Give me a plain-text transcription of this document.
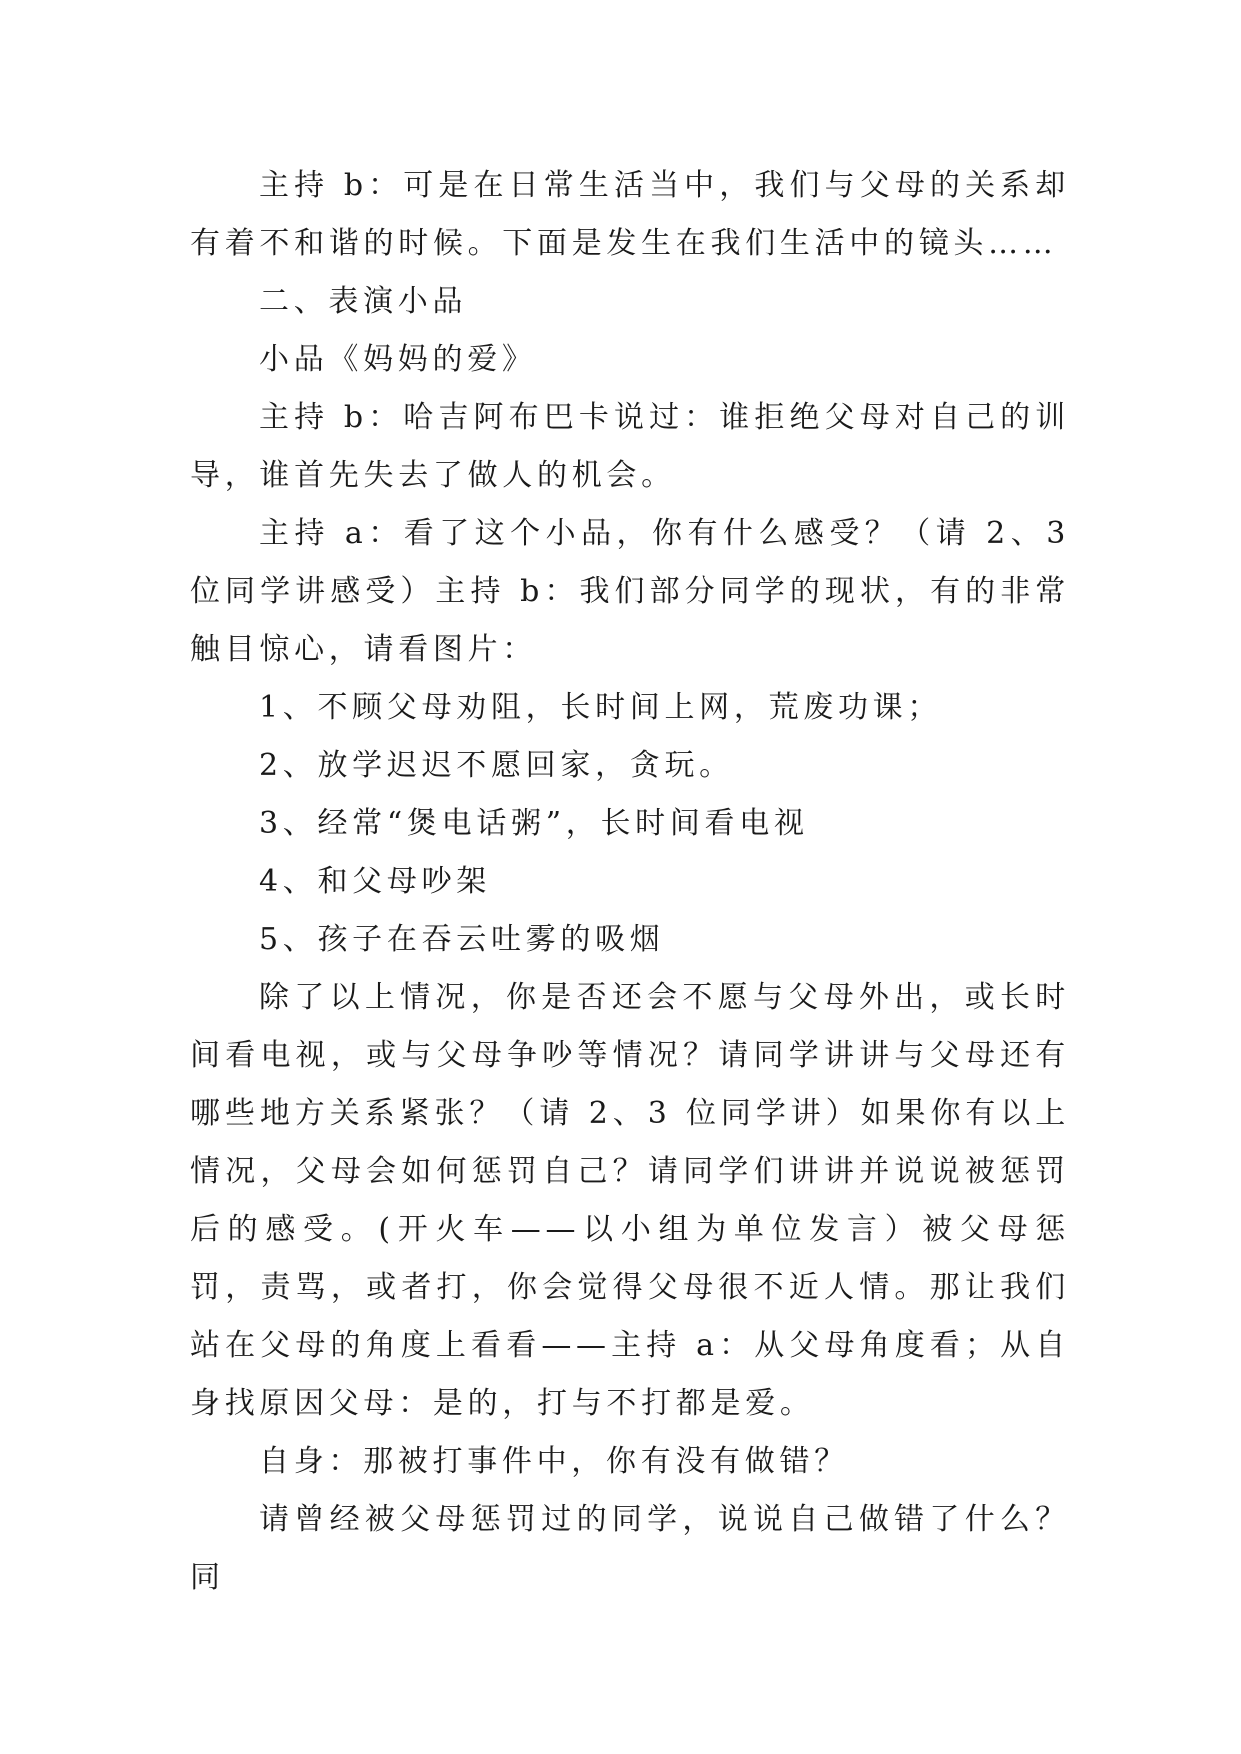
主持 b：可是在日常生活当中，我们与父母的关系却有着不和谐的时候。下面是发生在我们生活中的镜头……

二、表演小品

小品《妈妈的爱》

主持 b：哈吉阿布巴卡说过：谁拒绝父母对自己的训导，谁首先失去了做人的机会。

主持 a：看了这个小品，你有什么感受？（请 2、3 位同学讲感受）主持 b：我们部分同学的现状，有的非常触目惊心，请看图片：

1、不顾父母劝阻，长时间上网，荒废功课；

2、放学迟迟不愿回家，贪玩。

3、经常“煲电话粥”，长时间看电视

4、和父母吵架

5、孩子在吞云吐雾的吸烟

除了以上情况，你是否还会不愿与父母外出，或长时间看电视，或与父母争吵等情况？请同学讲讲与父母还有哪些地方关系紧张？（请 2、3 位同学讲）如果你有以上情况，父母会如何惩罚自己？请同学们讲讲并说说被惩罚后的感受。(开火车——以小组为单位发言）被父母惩罚，责骂，或者打，你会觉得父母很不近人情。那让我们站在父母的角度上看看——主持 a：从父母角度看；从自身找原因父母：是的，打与不打都是爱。

自身：那被打事件中，你有没有做错？

请曾经被父母惩罚过的同学，说说自己做错了什么？同
